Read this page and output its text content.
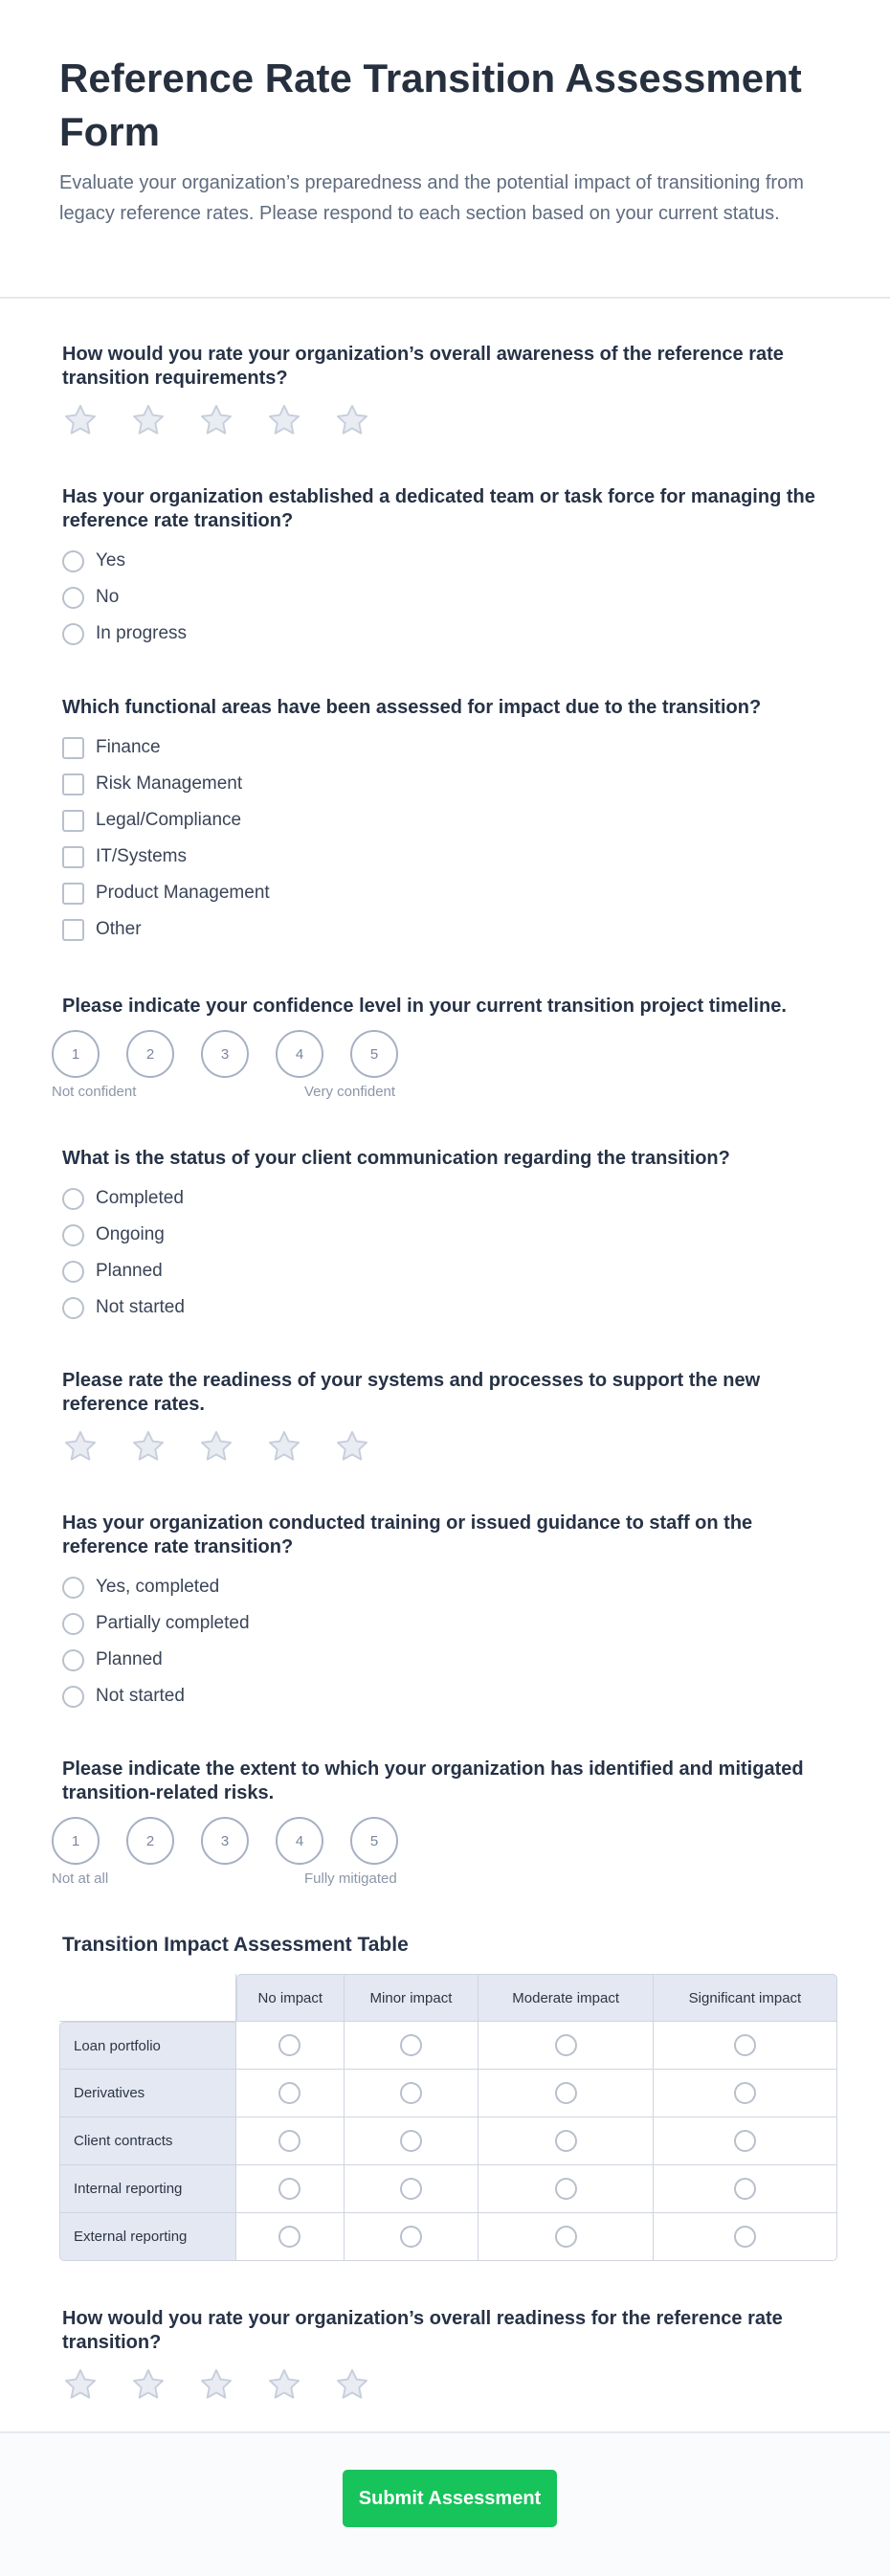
Reference Rate Transition Assessment Form

Evaluate your organization’s preparedness and the potential impact of transitioning from legacy reference rates. Please respond to each section based on your current status.

How would you rate your organization’s overall awareness of the reference rate transition requirements?
Has your organization established a dedicated team or task force for managing the reference rate transition?
Yes
No
In progress
Which functional areas have been assessed for impact due to the transition?
Finance
Risk Management
Legal/Compliance
IT/Systems
Product Management
Other
Please indicate your confidence level in your current transition project timeline.
1	2	3	4	5
Not confident	Very confident
What is the status of your client communication regarding the transition?
Completed
Ongoing
Planned
Not started
Please rate the readiness of your systems and processes to support the new reference rates.
Has your organization conducted training or issued guidance to staff on the reference rate transition?
Yes, completed
Partially completed
Planned
Not started
Please indicate the extent to which your organization has identified and mitigated transition-related risks.
1	2	3	4	5
Not at all	Fully mitigated
Transition Impact Assessment Table
	No impact	Minor impact	Moderate impact	Significant impact
Loan portfolio				
Derivatives				
Client contracts				
Internal reporting				
External reporting				
How would you rate your organization’s overall readiness for the reference rate transition?
Submit Assessment
